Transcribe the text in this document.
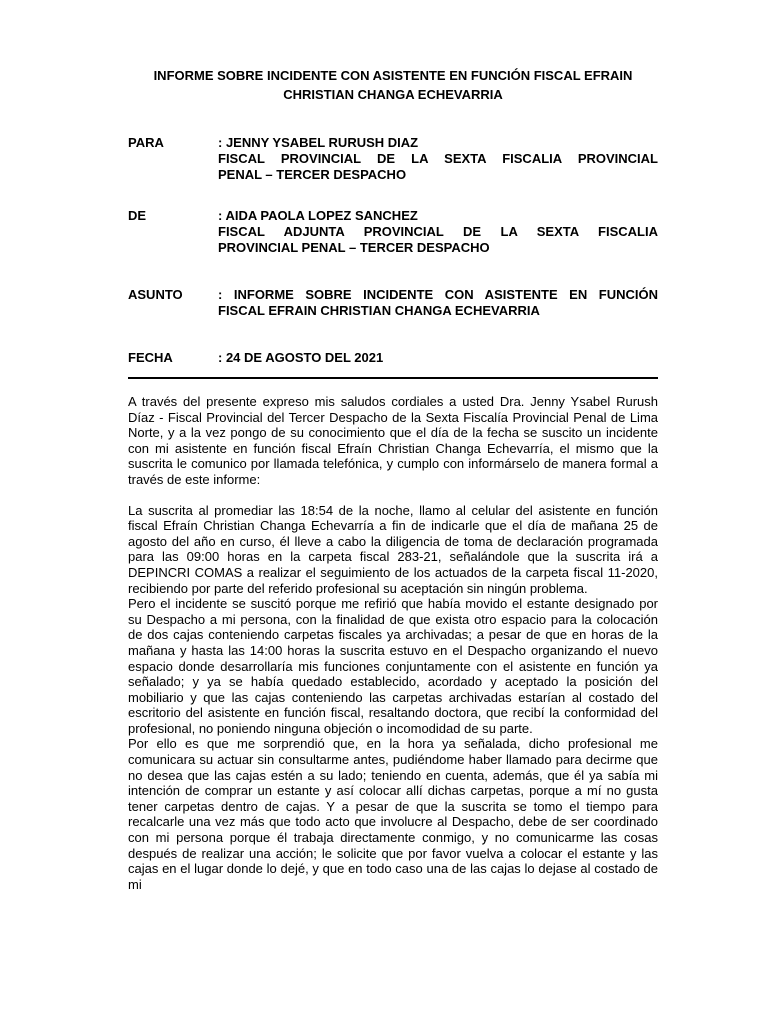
INFORME SOBRE INCIDENTE CON ASISTENTE EN FUNCIÓN FISCAL EFRAIN
CHRISTIAN CHANGA ECHEVARRIA
PARA	: JENNY YSABEL RURUSH DIAZ
FISCAL PROVINCIAL DE LA SEXTA FISCALIA PROVINCIAL
PENAL – TERCER DESPACHO
DE	: AIDA PAOLA LOPEZ SANCHEZ
FISCAL ADJUNTA PROVINCIAL DE LA SEXTA FISCALIA
PROVINCIAL PENAL – TERCER DESPACHO
ASUNTO	: INFORME SOBRE INCIDENTE CON ASISTENTE EN FUNCIÓN
FISCAL EFRAIN CHRISTIAN CHANGA ECHEVARRIA
FECHA	: 24 DE AGOSTO DEL 2021

A través del presente expreso mis saludos cordiales a usted Dra. Jenny Ysabel Rurush Díaz - Fiscal Provincial del Tercer Despacho de la Sexta Fiscalía Provincial Penal de Lima Norte, y a la vez pongo de su conocimiento que el día de la fecha se suscito un incidente con mi asistente en función fiscal Efraín Christian Changa Echevarría, el mismo que la suscrita le comunico por llamada telefónica, y cumplo con informárselo de manera formal a través de este informe:

La suscrita al promediar las 18:54 de la noche, llamo al celular del asistente en función fiscal Efraín Christian Changa Echevarría a fin de indicarle que el día de mañana 25 de agosto del año en curso, él lleve a cabo la diligencia de toma de declaración programada para las 09:00 horas en la carpeta fiscal 283-21, señalándole que la suscrita irá a DEPINCRI COMAS a realizar el seguimiento de los actuados de la carpeta fiscal 11-2020, recibiendo por parte del referido profesional su aceptación sin ningún problema.

Pero el incidente se suscitó porque me refirió que había movido el estante designado por su Despacho a mi persona, con la finalidad de que exista otro espacio para la colocación de dos cajas conteniendo carpetas fiscales ya archivadas; a pesar de que en horas de la mañana y hasta las 14:00 horas la suscrita estuvo en el Despacho organizando el nuevo espacio donde desarrollaría mis funciones conjuntamente con el asistente en función ya señalado; y ya se había quedado establecido, acordado y aceptado la posición del mobiliario y que las cajas conteniendo las carpetas archivadas estarían al costado del escritorio del asistente en función fiscal, resaltando doctora, que recibí la conformidad del profesional, no poniendo ninguna objeción o incomodidad de su parte.

Por ello es que me sorprendió que, en la hora ya señalada, dicho profesional me comunicara su actuar sin consultarme antes, pudiéndome haber llamado para decirme que no desea que las cajas estén a su lado; teniendo en cuenta, además, que él ya sabía mi intención de comprar un estante y así colocar allí dichas carpetas, porque a mí no gusta tener carpetas dentro de cajas. Y a pesar de que la suscrita se tomo el tiempo para recalcarle una vez más que todo acto que involucre al Despacho, debe de ser coordinado con mi persona porque él trabaja directamente conmigo, y no comunicarme las cosas después de realizar una acción; le solicite que por favor vuelva a colocar el estante y las cajas en el lugar donde lo dejé, y que en todo caso una de las cajas lo dejase al costado de mi
